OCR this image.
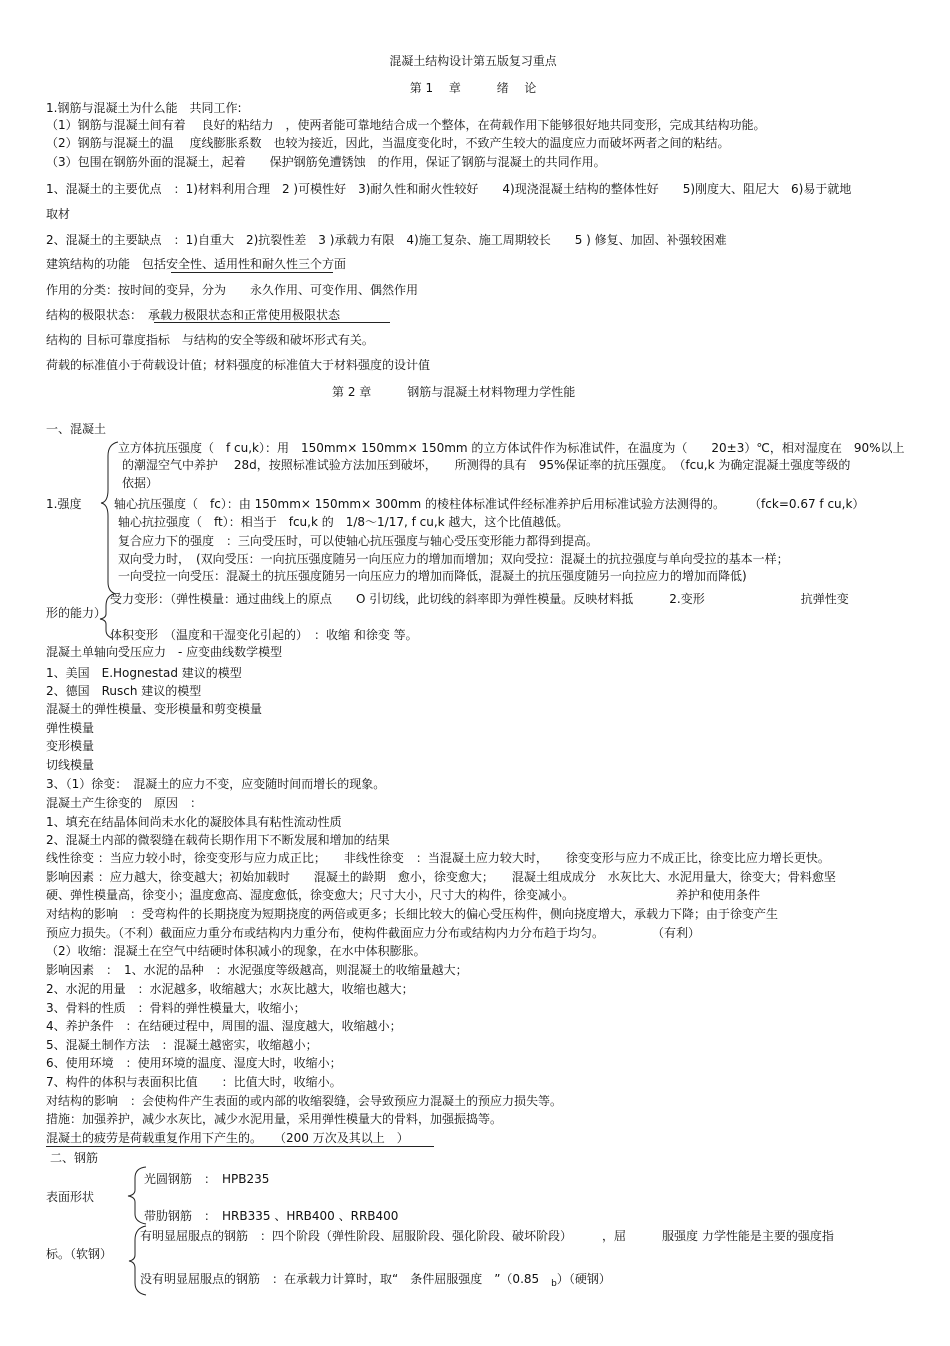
混凝土结构设计第五版复习重点
第 1　 章　　　绪　 论
1.钢筋与混凝土为什么能　共同工作:
（1）钢筋与混凝土间有着　 良好的粘结力　，使两者能可靠地结合成一个整体，在荷载作用下能够很好地共同变形，完成其结构功能。
（2）钢筋与混凝土的温　 度线膨胀系数　也较为接近，因此，当温度变化时，不致产生较大的温度应力而破坏两者之间的粘结。
（3）包围在钢筋外面的混凝土，起着　　保护钢筋免遭锈蚀　的作用，保证了钢筋与混凝土的共同作用。
1、混凝土的主要优点　：1)材料利用合理　2 )可模性好　3)耐久性和耐火性较好　　4)现浇混凝土结构的整体性好　　5)刚度大、阻尼大　6)易于就地
取材
2、混凝土的主要缺点　：1)自重大　2)抗裂性差　3 )承载力有限　4)施工复杂、施工周期较长　　5 ) 修复、加固、补强较困难
建筑结构的功能　包括安全性、适用性和耐久性三个方面
作用的分类：按时间的变异，分为　　永久作用、可变作用、偶然作用
结构的极限状态：　承载力极限状态和正常使用极限状态
结构的 目标可靠度指标　与结构的安全等级和破坏形式有关。
荷载的标准值小于荷载设计值；材料强度的标准值大于材料强度的设计值
第 2 章　　　钢筋与混凝土材料物理力学性能
一、混凝土
立方体抗压强度（　f cu,k）：用　150mm× 150mm× 150mm 的立方体试件作为标准试件，在温度为（　　20±3）℃，相对湿度在　90%以上
的潮湿空气中养护　 28d，按照标准试验方法加压到破坏，　　所测得的具有　95%保证率的抗压强度。　（fcu,k 为确定混凝土强度等级的
依据）
1.强度	轴心抗压强度（　fc）：由 150mm× 150mm× 300mm 的棱柱体标准试件经标准养护后用标准试验方法测得的。　　　（fck=0.67 f cu,k）
轴心抗拉强度（　ft）：相当于　fcu,k 的　1/8～1/17, f cu,k 越大，这个比值越低。
复合应力下的强度　：三向受压时，可以使轴心抗压强度与轴心受压变形能力都得到提高。
双向受力时，　(双向受压：一向抗压强度随另一向压应力的增加而增加；双向受拉：混凝土的抗拉强度与单向受拉的基本一样；
一向受拉一向受压：混凝土的抗压强度随另一向压应力的增加而降低，混凝土的抗压强度随另一向拉应力的增加而降低)
受力变形：（弹性模量：通过曲线上的原点　　O 引切线，此切线的斜率即为弹性模量。反映材料抵　　　2.变形　　　　　　　　抗弹性变
形的能力）
体积变形　（温度和干湿变化引起的）　：收缩 和徐变 等。
混凝土单轴向受压应力　- 应变曲线数学模型
1、美国　E.Hognestad 建议的模型
2、德国　Rusch 建议的模型
混凝土的弹性模量、变形模量和剪变模量
弹性模量
变形模量
切线模量
3、（1）徐变：　混凝土的应力不变，应变随时间而增长的现象。
混凝土产生徐变的　原因　：
1、填充在结晶体间尚未水化的凝胶体具有粘性流动性质
2、混凝土内部的微裂缝在载荷长期作用下不断发展和增加的结果
线性徐变 ：当应力较小时，徐变变形与应力成正比；　　非线性徐变　：当混凝土应力较大时，　　徐变变形与应力不成正比，徐变比应力增长更快。
影响因素 ：应力越大，徐变越大；初始加载时　　混凝土的龄期　愈小，徐变愈大；　　混凝土组成成分　水灰比大、水泥用量大，徐变大；骨料愈坚
硬、弹性模量高，徐变小；温度愈高、湿度愈低，徐变愈大；尺寸大小，尺寸大的构件，徐变减小。　　　　　　　　　养护和使用条件
对结构的影响　：受弯构件的长期挠度为短期挠度的两倍或更多；长细比较大的偏心受压构件，侧向挠度增大，承载力下降；由于徐变产生
预应力损失。（不利）截面应力重分布或结构内力重分布，使构件截面应力分布或结构内力分布趋于均匀。　　　　　（有利）
（2）收缩：混凝土在空气中结硬时体积减小的现象，在水中体积膨胀。
影响因素　：　1、水泥的品种　：水泥强度等级越高，则混凝土的收缩量越大；
2、水泥的用量　：水泥越多，收缩越大；水灰比越大，收缩也越大；
3、骨料的性质　：骨料的弹性模量大，收缩小；
4、养护条件　：在结硬过程中，周围的温、湿度越大，收缩越小；
5、混凝土制作方法　：混凝土越密实，收缩越小；
6、使用环境　：使用环境的温度、湿度大时，收缩小；
7、构件的体积与表面积比值　　：比值大时，收缩小。
对结构的影响　：会使构件产生表面的或内部的收缩裂缝，会导致预应力混凝土的预应力损失等。
措施：加强养护，减少水灰比，减少水泥用量，采用弹性模量大的骨料，加强振捣等。
混凝土的疲劳是荷载重复作用下产生的。　　（200 万次及其以上　）
二、钢筋
光圆钢筋　：　HPB235
表面形状
带肋钢筋　：　HRB335 、HRB400 、RRB400
有明显屈服点的钢筋　：四个阶段（弹性阶段、屈服阶段、强化阶段、破坏阶段）　　　，屈　　　服强度 力学性能是主要的强度指
标。（软钢）
没有明显屈服点的钢筋　：在承载力计算时，取“　条件屈服强度　”（0.85　$_b$）（硬钢）
